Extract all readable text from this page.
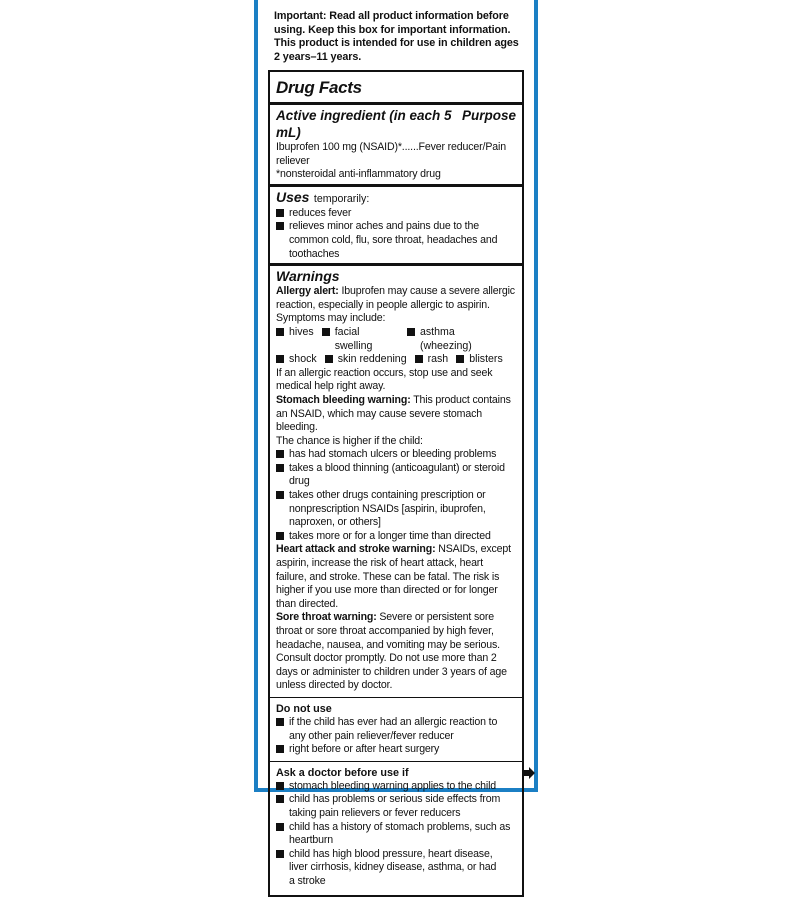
Important: Read all product information before using. Keep this box for important information. This product is intended for use in children ages 2 years–11 years.
Drug Facts
Active ingredient (in each 5 mL)
Purpose
Ibuprofen 100 mg (NSAID)*......Fever reducer/Pain reliever
*nonsteroidal anti-inflammatory drug
Uses temporarily:
reduces fever
relieves minor aches and pains due to the common cold, flu, sore throat, headaches and toothaches
Warnings
Allergy alert: Ibuprofen may cause a severe allergic reaction, especially in people allergic to aspirin.
Symptoms may include:
hives facial swelling
asthma (wheezing)
shock skin reddening rash blisters
If an allergic reaction occurs, stop use and seek medical help right away.
Stomach bleeding warning: This product contains an NSAID, which may cause severe stomach bleeding.
The chance is higher if the child:
has had stomach ulcers or bleeding problems
takes a blood thinning (anticoagulant) or steroid drug
takes other drugs containing prescription or nonprescription NSAIDs [aspirin, ibuprofen, naproxen, or others]
takes more or for a longer time than directed
Heart attack and stroke warning: NSAIDs, except aspirin, increase the risk of heart attack, heart failure, and stroke. These can be fatal. The risk is higher if you use more than directed or for longer than directed.
Sore throat warning: Severe or persistent sore throat or sore throat accompanied by high fever, headache, nausea, and vomiting may be serious. Consult doctor promptly. Do not use more than 2 days or administer to children under 3 years of age unless directed by doctor.
Do not use
if the child has ever had an allergic reaction to any other pain reliever/fever reducer
right before or after heart surgery
Ask a doctor before use if
stomach bleeding warning applies to the child
child has problems or serious side effects from taking pain relievers or fever reducers
child has a history of stomach problems, such as heartburn
child has high blood pressure, heart disease, liver cirrhosis, kidney disease, asthma, or had a stroke
